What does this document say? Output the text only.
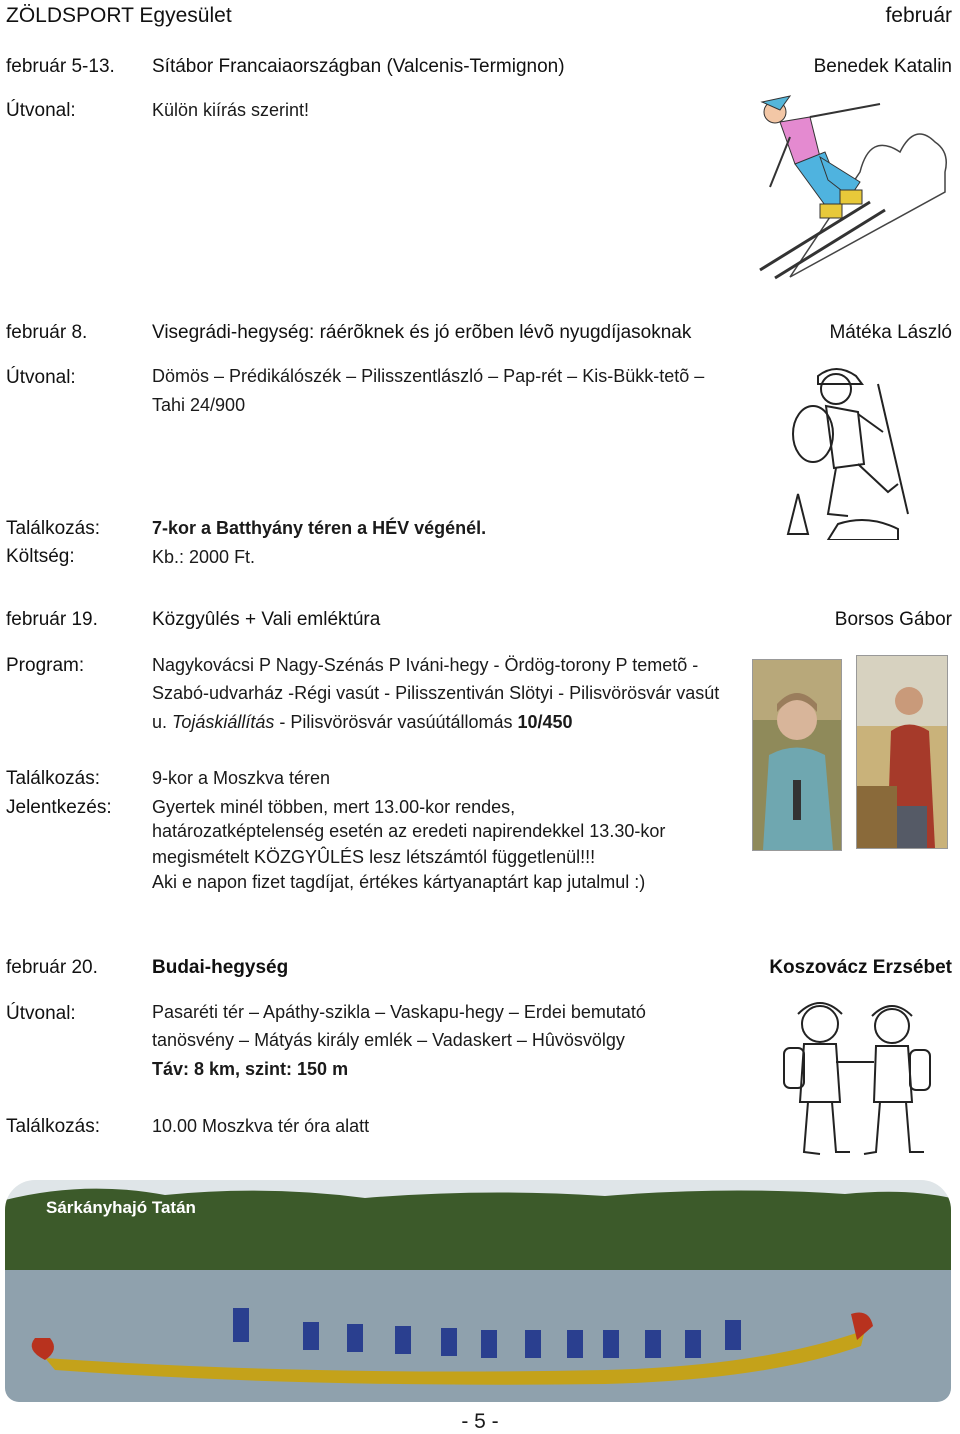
ZÖLDSPORT Egyesület	február
február 5-13. Sítábor Francaiaországban (Valcenis-Termignon)	Benedek Katalin
Útvonal:	Külön kiírás szerint!
február 8.	Visegrádi-hegység: ráérõknek és jó erõben lévõ nyugdíjasoknak	Mátéka László
Útvonal:	Dömös – Prédikálószék – Pilisszentlászló – Pap-rét – Kis-Bükk-tetõ –
Tahi 24/900
Találkozás:	7-kor a Batthyány téren a HÉV végénél.
Költség:	Kb.: 2000 Ft.
február 19.	Közgyûlés + Vali emléktúra	Borsos Gábor
Program:	Nagykovácsi P Nagy-Szénás P Iváni-hegy - Ördög-torony P temetõ -
Szabó-udvarház -Régi vasút - Pilisszentiván Slötyi - Pilisvörösvár vasút
u. Tojáskiállítás - Pilisvörösvár vasúútállomás 10/450
Találkozás:	9-kor a Moszkva téren
Jelentkezés: Gyertek minél többen, mert 13.00-kor rendes,
határozatképtelenség esetén az eredeti napirendekkel 13.30-kor
megismételt KÖZGYÛLÉS lesz létszámtól függetlenül!!!
Aki e napon fizet tagdíjat, értékes kártyanaptárt kap jutalmul :)
február 20.	Budai-hegység	Koszovácz Erzsébet
Útvonal:	Pasaréti tér – Apáthy-szikla – Vaskapu-hegy – Erdei bemutató
tanösvény – Mátyás király emlék – Vadaskert – Hûvösvölgy
Táv: 8 km, szint: 150 m
Találkozás:	10.00 Moszkva tér óra alatt
Sárkányhajó Tatán
- 5 -
